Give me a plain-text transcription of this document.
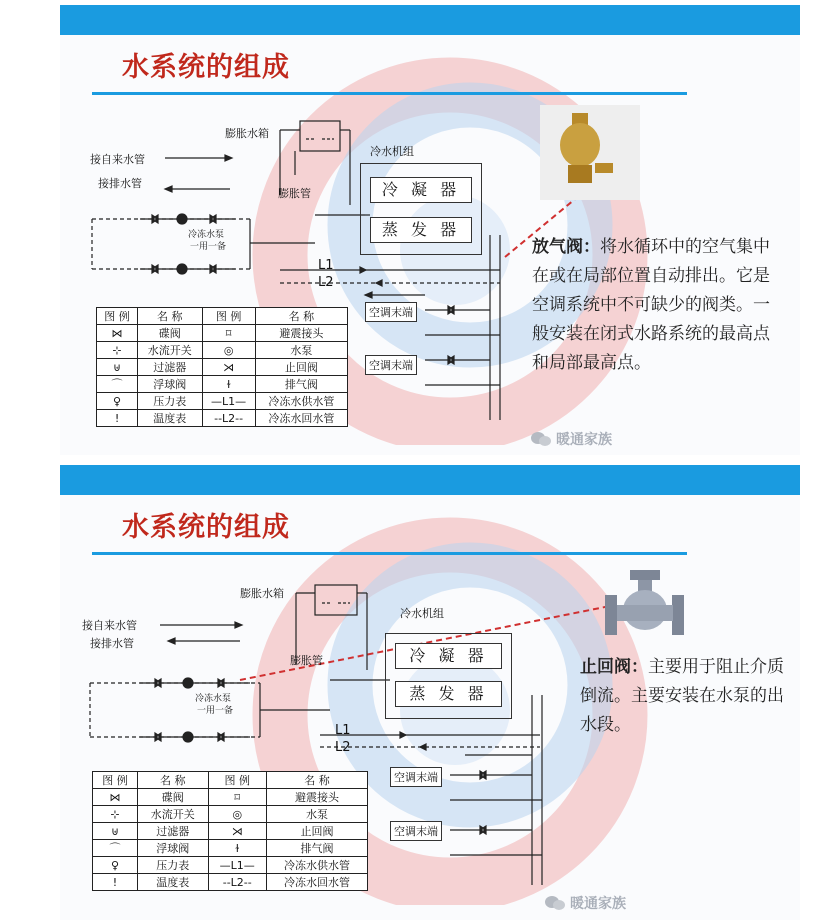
水系统的组成
膨胀水箱
接自来水管
接排水管
膨胀管
冷水机组
冷 凝 器
蒸 发 器
冷冻水泵
一用一备
L1
L2
空调末端
空调末端
图 例	名 称	图 例	名 称
⋈	碟阀	⌑	避震接头
⊹	水流开关	◎	水泵
⊎	过滤器	⋊	止回阀
⌒	浮球阀	ɫ	排气阀
♀	压力表	—L1—	冷冻水供水管
!	温度表	--L2--	冷冻水回水管
放气阀：将水循环中的空气集中在或在局部位置自动排出。它是空调系统中不可缺少的阀类。一般安装在闭式水路系统的最高点和局部最高点。
暖通家族
水系统的组成
膨胀水箱
接自来水管
接排水管
膨胀管
冷水机组
冷 凝 器
蒸 发 器
冷冻水泵
一用一备
L1
L2
空调末端
空调末端
图 例	名 称	图 例	名 称
⋈	碟阀	⌑	避震接头
⊹	水流开关	◎	水泵
⊎	过滤器	⋊	止回阀
⌒	浮球阀	ɫ	排气阀
♀	压力表	—L1—	冷冻水供水管
!	温度表	--L2--	冷冻水回水管
止回阀：主要用于阻止介质倒流。主要安装在水泵的出水段。
暖通家族
